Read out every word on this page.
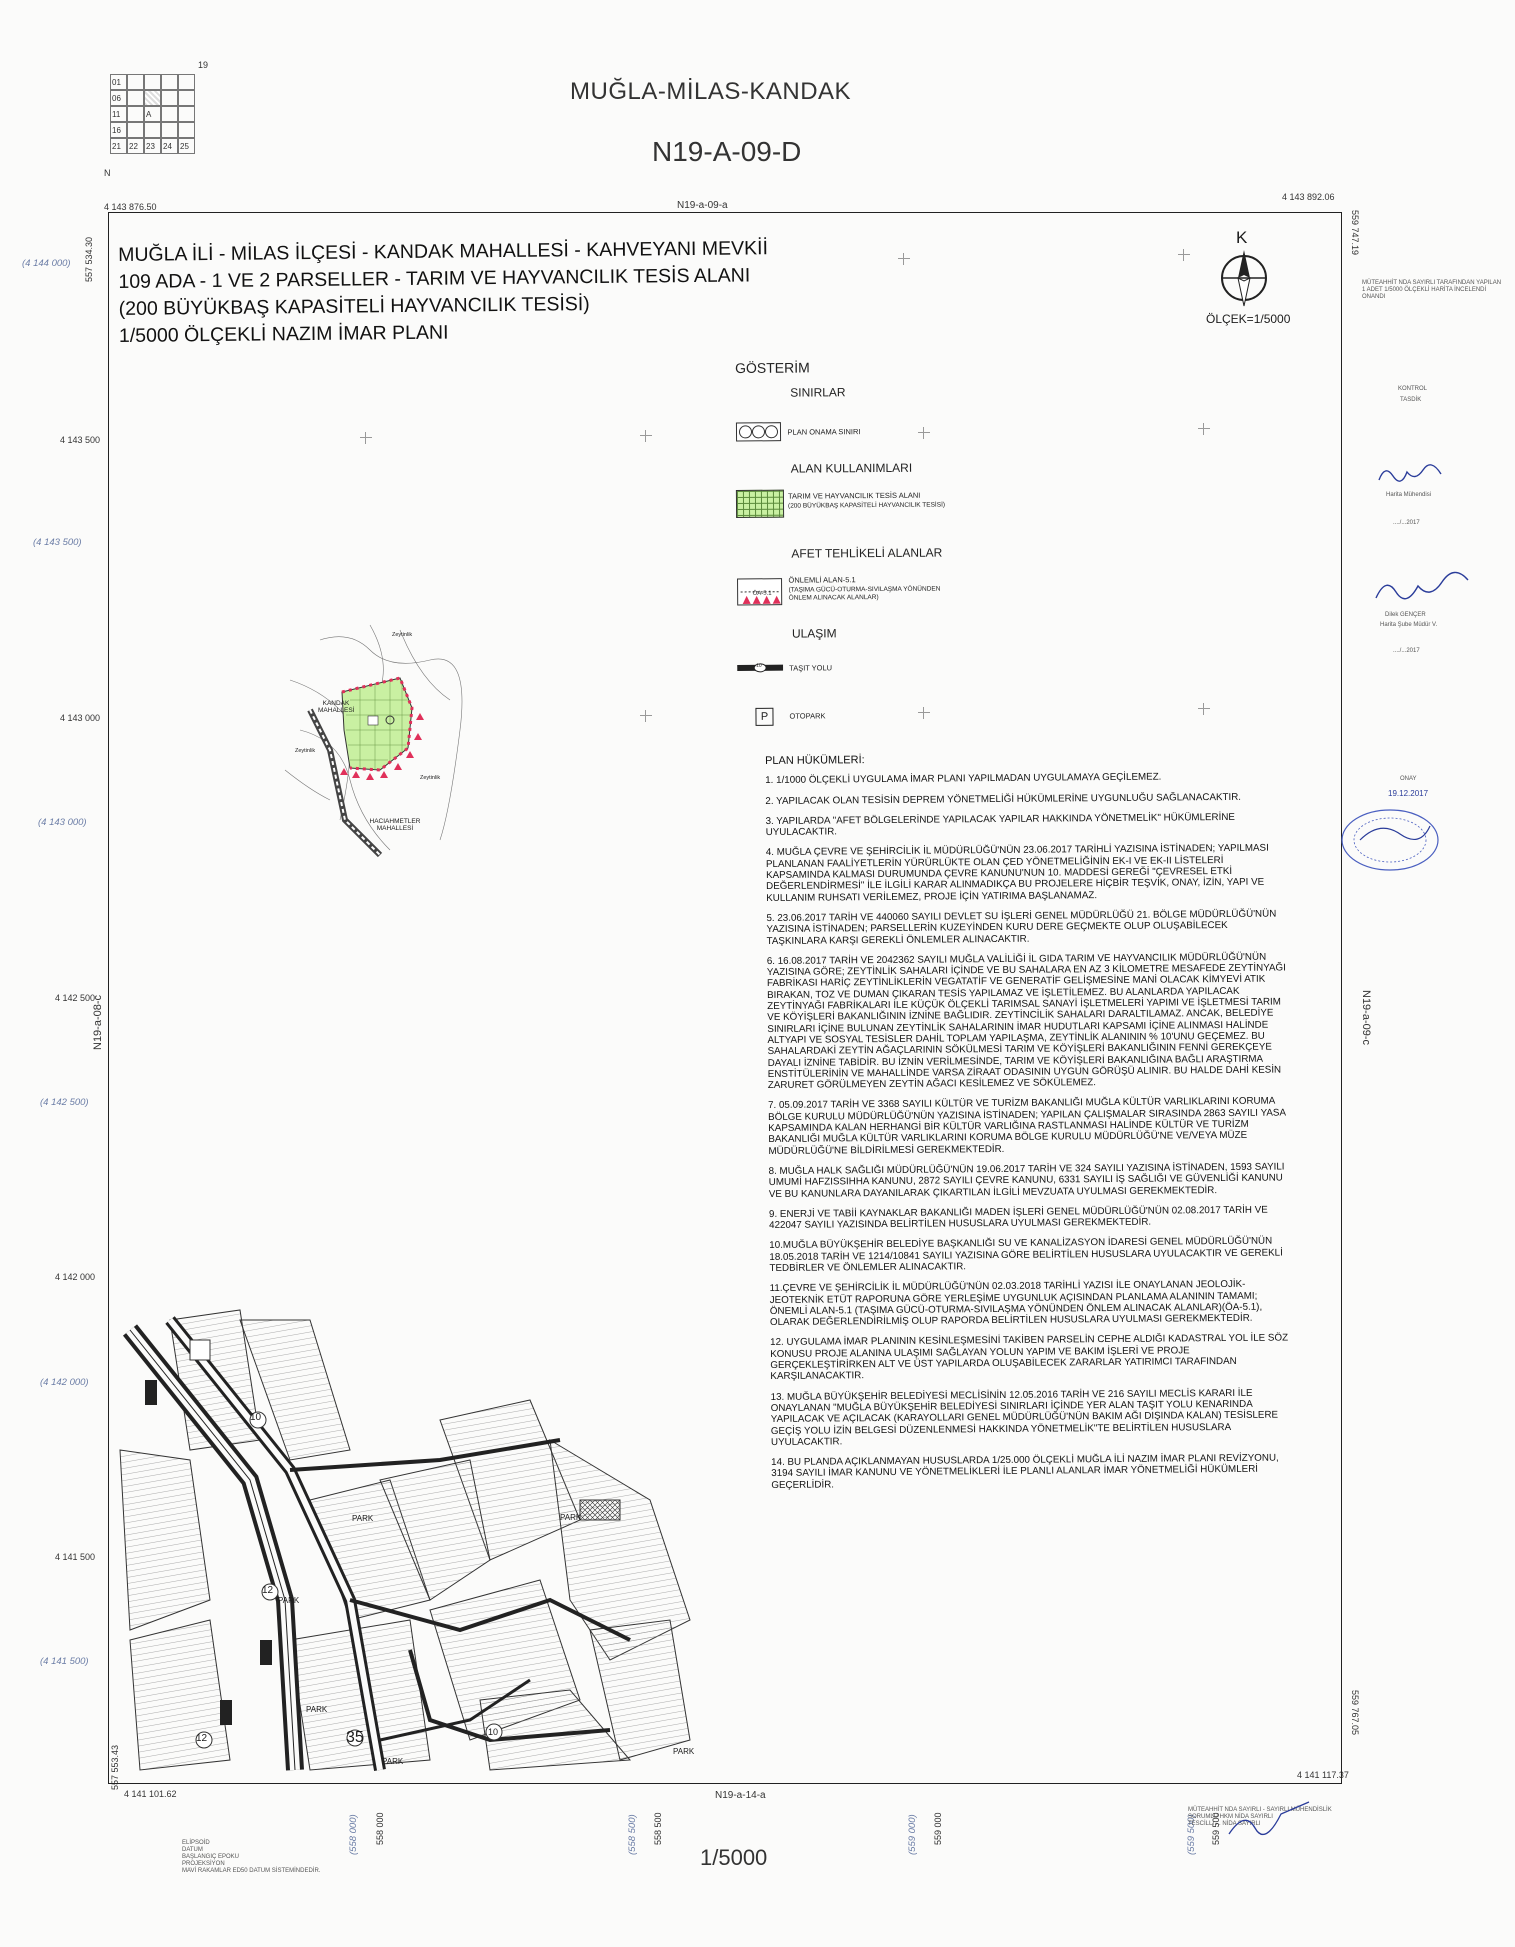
19
01
06
11	A
16
21	22	23	24	25
N
MUĞLA-MİLAS-KANDAK
N19-A-09-D
4 143 876.50
4 143 892.06
4 141 101.62
4 141 117.37
557 534.30
557 553.43
559 747.19
559 767.05
N19-a-09-a
N19-a-14-a
N19-a-08-c	N19-a-09-c
4 143 500
4 143 000
4 142 500
4 142 000
4 141 500
(4 144 000)
(4 143 500)
(4 143 000)
(4 142 500)
(4 142 000)
(4 141 500)
558 000	558 500	559 000	559 500
(558 000)	(558 500)	(559 000)	(559 500)
MUĞLA İLİ - MİLAS İLÇESİ - KANDAK MAHALLESİ - KAHVEYANI MEVKİİ
109 ADA - 1 VE 2 PARSELLER - TARIM VE HAYVANCILIK TESİS ALANI
(200 BÜYÜKBAŞ KAPASİTELİ HAYVANCILIK TESİSİ)
1/5000 ÖLÇEKLİ NAZIM İMAR PLANI
K
ÖLÇEK=1/5000
GÖSTERİM
SINIRLAR
PLAN ONAMA SINIRI
ALAN KULLANIMLARI
TARIM VE HAYVANCILIK TESİS ALANI
(200 BÜYÜKBAŞ KAPASİTELİ HAYVANCILIK TESİSİ)
AFET TEHLİKELİ ALANLAR
ÖA-5.1
ÖNLEMLİ ALAN-5.1
(TAŞIMA GÜCÜ-OTURMA-SIVILAŞMA YÖNÜNDEN
ÖNLEM ALINACAK ALANLAR)
ULAŞIM
10	TAŞIT YOLU
P	OTOPARK
PLAN HÜKÜMLERİ:

1. 1/1000 ÖLÇEKLİ UYGULAMA İMAR PLANI YAPILMADAN UYGULAMAYA GEÇİLEMEZ.

2. YAPILACAK OLAN TESİSİN DEPREM YÖNETMELİĞİ HÜKÜMLERİNE UYGUNLUĞU SAĞLANACAKTIR.

3. YAPILARDA "AFET BÖLGELERİNDE YAPILACAK YAPILAR HAKKINDA YÖNETMELİK" HÜKÜMLERİNE UYULACAKTIR.

4. MUĞLA ÇEVRE VE ŞEHİRCİLİK İL MÜDÜRLÜĞÜ'NÜN 23.06.2017 TARİHLİ YAZISINA İSTİNADEN; YAPILMASI PLANLANAN FAALİYETLERİN YÜRÜRLÜKTE OLAN ÇED YÖNETMELİĞİNİN EK-I VE EK-II LİSTELERİ KAPSAMINDA KALMASI DURUMUNDA ÇEVRE KANUNU'NUN 10. MADDESİ GEREĞİ "ÇEVRESEL ETKİ DEĞERLENDİRMESİ" İLE İLGİLİ KARAR ALINMADIKÇA BU PROJELERE HİÇBİR TEŞVİK, ONAY, İZİN, YAPI VE KULLANIM RUHSATI VERİLEMEZ, PROJE İÇİN YATIRIMA BAŞLANAMAZ.

5. 23.06.2017 TARİH VE 440060 SAYILI DEVLET SU İŞLERİ GENEL MÜDÜRLÜĞÜ 21. BÖLGE MÜDÜRLÜĞÜ'NÜN YAZISINA İSTİNADEN; PARSELLERİN KUZEYİNDEN KURU DERE GEÇMEKTE OLUP OLUŞABİLECEK TAŞKINLARA KARŞI GEREKLİ ÖNLEMLER ALINACAKTIR.

6. 16.08.2017 TARİH VE 2042362 SAYILI MUĞLA VALİLİĞİ İL GIDA TARIM VE HAYVANCILIK MÜDÜRLÜĞÜ'NÜN YAZISINA GÖRE; ZEYTİNLİK SAHALARI İÇİNDE VE BU SAHALARA EN AZ 3 KİLOMETRE MESAFEDE ZEYTİNYAĞI FABRİKASI HARİÇ ZEYTİNLİKLERİN VEGATATİF VE GENERATİF GELİŞMESİNE MANİ OLACAK KİMYEVİ ATIK BIRAKAN, TOZ VE DUMAN ÇIKARAN TESİS YAPILAMAZ VE İŞLETİLEMEZ. BU ALANLARDA YAPILACAK ZEYTİNYAĞI FABRİKALARI İLE KÜÇÜK ÖLÇEKLİ TARIMSAL SANAYİ İŞLETMELERİ YAPIMI VE İŞLETMESİ TARIM VE KÖYİŞLERİ BAKANLIĞININ İZNİNE BAĞLIDIR. ZEYTİNCİLİK SAHALARI DARALTILAMAZ. ANCAK, BELEDİYE SINIRLARI İÇİNE BULUNAN ZEYTİNLİK SAHALARININ İMAR HUDUTLARI KAPSAMI İÇİNE ALINMASI HALİNDE ALTYAPI VE SOSYAL TESİSLER DAHİL TOPLAM YAPILAŞMA, ZEYTİNLİK ALANININ % 10'UNU GEÇEMEZ. BU SAHALARDAKİ ZEYTİN AĞAÇLARININ SÖKÜLMESİ TARIM VE KÖYİŞLERİ BAKANLIĞININ FENNİ GEREKÇEYE DAYALI İZNİNE TABİDİR. BU İZNİN VERİLMESİNDE, TARIM VE KÖYİŞLERİ BAKANLIĞINA BAĞLI ARAŞTIRMA ENSTİTÜLERİNİN VE MAHALLİNDE VARSA ZİRAAT ODASININ UYGUN GÖRÜŞÜ ALINIR. BU HALDE DAHİ KESİN ZARURET GÖRÜLMEYEN ZEYTİN AĞACI KESİLEMEZ VE SÖKÜLEMEZ.

7. 05.09.2017 TARİH VE 3368 SAYILI KÜLTÜR VE TURİZM BAKANLIĞI MUĞLA KÜLTÜR VARLIKLARINI KORUMA BÖLGE KURULU MÜDÜRLÜĞÜ'NÜN YAZISINA İSTİNADEN; YAPILAN ÇALIŞMALAR SIRASINDA 2863 SAYILI YASA KAPSAMINDA KALAN HERHANGİ BİR KÜLTÜR VARLIĞINA RASTLANMASI HALİNDE KÜLTÜR VE TURİZM BAKANLIĞI MUĞLA KÜLTÜR VARLIKLARINI KORUMA BÖLGE KURULU MÜDÜRLÜĞÜ'NE VE/VEYA MÜZE MÜDÜRLÜĞÜ'NE BİLDİRİLMESİ GEREKMEKTEDİR.

8. MUĞLA HALK SAĞLIĞI MÜDÜRLÜĞÜ'NÜN 19.06.2017 TARİH VE 324 SAYILI YAZISINA İSTİNADEN, 1593 SAYILI UMUMİ HAFZISSIHHA KANUNU, 2872 SAYILI ÇEVRE KANUNU, 6331 SAYILI İŞ SAĞLIĞI VE GÜVENLİĞİ KANUNU VE BU KANUNLARA DAYANILARAK ÇIKARTILAN İLGİLİ MEVZUATA UYULMASI GEREKMEKTEDİR.

9. ENERJİ VE TABİİ KAYNAKLAR BAKANLIĞI MADEN İŞLERİ GENEL MÜDÜRLÜĞÜ'NÜN 02.08.2017 TARİH VE 422047 SAYILI YAZISINDA BELİRTİLEN HUSUSLARA UYULMASI GEREKMEKTEDİR.

10.MUĞLA BÜYÜKŞEHİR BELEDİYE BAŞKANLIĞI SU VE KANALİZASYON İDARESİ GENEL MÜDÜRLÜĞÜ'NÜN 18.05.2018 TARİH VE 1214/10841 SAYILI YAZISINA GÖRE BELİRTİLEN HUSUSLARA UYULACAKTIR VE GEREKLİ TEDBİRLER VE ÖNLEMLER ALINACAKTIR.

11.ÇEVRE VE ŞEHİRCİLİK İL MÜDÜRLÜĞÜ'NÜN 02.03.2018 TARİHLİ YAZISI İLE ONAYLANAN JEOLOJİK-JEOTEKNİK ETÜT RAPORUNA GÖRE YERLEŞİME UYGUNLUK AÇISINDAN PLANLAMA ALANININ TAMAMI; ÖNEMLİ ALAN-5.1 (TAŞIMA GÜCÜ-OTURMA-SIVILAŞMA YÖNÜNDEN ÖNLEM ALINACAK ALANLAR)(ÖA-5.1), OLARAK DEĞERLENDİRİLMİŞ OLUP RAPORDA BELİRTİLEN HUSUSLARA UYULMASI GEREKMEKTEDİR.

12. UYGULAMA İMAR PLANININ KESİNLEŞMESİNİ TAKİBEN PARSELİN CEPHE ALDIĞI KADASTRAL YOL İLE SÖZ KONUSU PROJE ALANINA ULAŞIMI SAĞLAYAN YOLUN YAPIM VE BAKIM İŞLERİ VE PROJE GERÇEKLEŞTİRİRKEN ALT VE ÜST YAPILARDA OLUŞABİLECEK ZARARLAR YATIRIMCI TARAFINDAN KARŞILANACAKTIR.

13. MUĞLA BÜYÜKŞEHİR BELEDİYESİ MECLİSİNİN 12.05.2016 TARİH VE 216 SAYILI MECLİS KARARI İLE ONAYLANAN "MUĞLA BÜYÜKŞEHİR BELEDİYESİ SINIRLARI İÇİNDE YER ALAN TAŞIT YOLU KENARINDA YAPILACAK VE AÇILACAK (KARAYOLLARI GENEL MÜDÜRLÜĞÜ'NÜN BAKIM AĞI DIŞINDA KALAN) TESİSLERE GEÇİŞ YOLU İZİN BELGESİ DÜZENLENMESİ HAKKINDA YÖNETMELİK"TE BELİRTİLEN HUSUSLARA UYULACAKTIR.

14. BU PLANDA AÇIKLANMAYAN HUSUSLARDA 1/25.000 ÖLÇEKLİ MUĞLA İLİ NAZIM İMAR PLANI REVİZYONU, 3194 SAYILI İMAR KANUNU VE YÖNETMELİKLERİ İLE PLANLI ALANLAR İMAR YÖNETMELİĞİ HÜKÜMLERİ GEÇERLİDİR.

KANDAK MAHALLESİ
HACIAHMETLER MAHALLESİ
Zeytinlik
Zeytinlik
Zeytinlik
10
12
12	35	10
PARK	PARK
PARK
PARK
PARK
PARK
MÜTEAHHİT NDA SAYIRLI TARAFINDAN YAPILAN 1 ADET 1/5000 ÖLÇEKLİ HARİTA İNCELENDİ ONANDI
KONTROL
TASDİK
Harita Mühendisi
..../...2017
Dilek GENÇER
Harita Şube Müdür V.
..../...2017
ONAY
19.12.2017
ELİPSOİD
DATUM
BAŞLANGIÇ EPOKU
PROJEKSİYON
MAVİ RAKAMLAR ED50 DATUM SİSTEMİNDEDİR.
1/5000
MÜTEAHHİT NDA SAYIRLI - SAYIRLI MÜHENDİSLİK
SORUMLU HKM NİDA SAYIRLI
TESCİLLİ ... NİDA SAYIRLI
